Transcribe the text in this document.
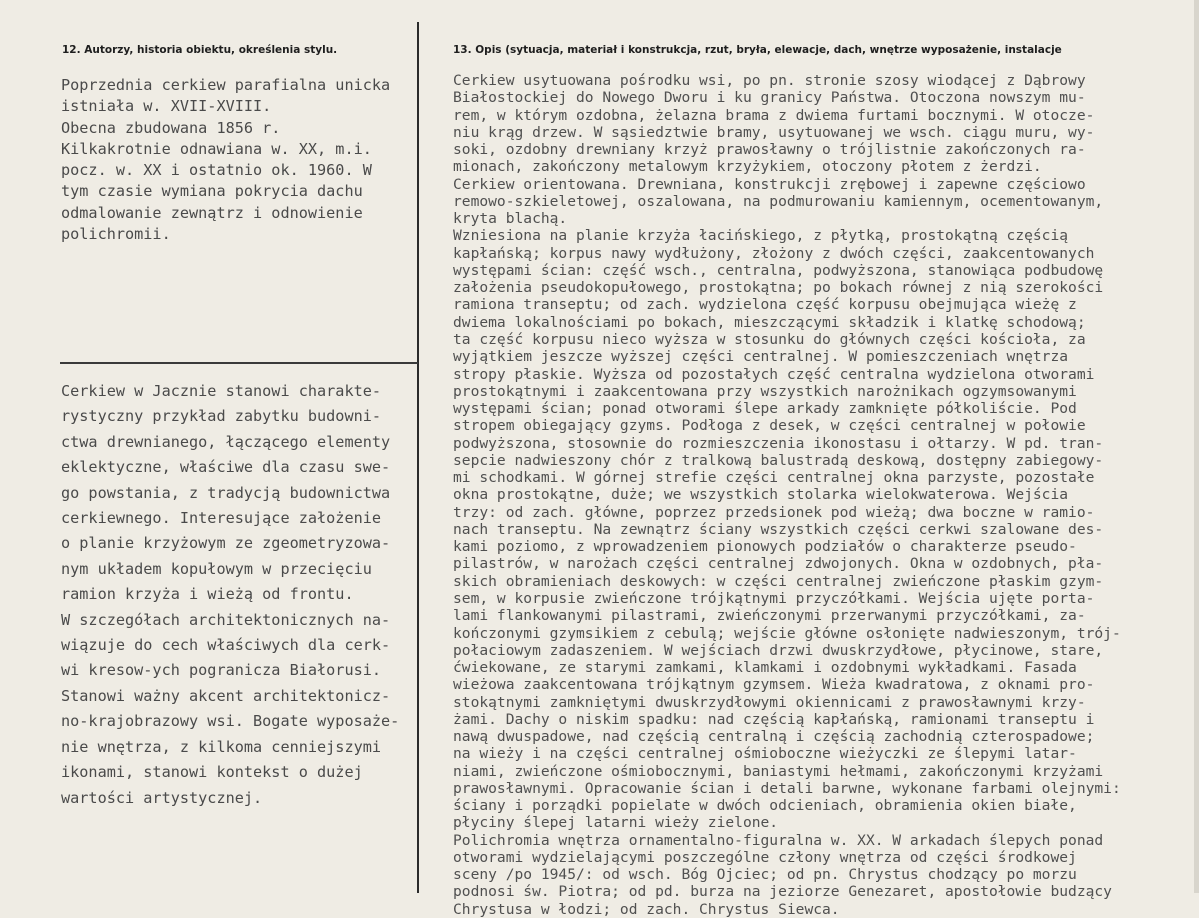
12. Autorzy, historia obiektu, określenia stylu.	13. Opis (sytuacja, materiał i konstrukcja, rzut, bryła, elewacje, dach, wnętrze wyposażenie, instalacje
Poprzednia cerkiew parafialna unicka
istniała w. XVII-XVIII.
Obecna zbudowana 1856 r.
Kilkakrotnie odnawiana w. XX, m.i.
pocz. w. XX i ostatnio ok. 1960. W
tym czasie wymiana pokrycia dachu
odmalowanie zewnątrz i odnowienie
polichromii.
Cerkiew w Jacznie stanowi charakte-
rystyczny przykład zabytku budowni-
ctwa drewnianego, łączącego elementy
eklektyczne, właściwe dla czasu swe-
go powstania, z tradycją budownictwa
cerkiewnego. Interesujące założenie
o planie krzyżowym ze zgeometryzowa-
nym układem kopułowym w przecięciu
ramion krzyża i wieżą od frontu.
W szczegółach architektonicznych na-
wiązuje do cech właściwych dla cerk-
wi kresow-ych pogranicza Białorusi.
Stanowi ważny akcent architektonicz-
no-krajobrazowy wsi. Bogate wyposaże-
nie wnętrza, z kilkoma cenniejszymi
ikonami, stanowi kontekst o dużej
wartości artystycznej.
Cerkiew usytuowana pośrodku wsi, po pn. stronie szosy wiodącej z Dąbrowy
Białostockiej do Nowego Dworu i ku granicy Państwa. Otoczona nowszym mu-
rem, w którym ozdobna, żelazna brama z dwiema furtami bocznymi. W otocze-
niu krąg drzew. W sąsiedztwie bramy, usytuowanej we wsch. ciągu muru, wy-
soki, ozdobny drewniany krzyż prawosławny o trójlistnie zakończonych ra-
mionach, zakończony metalowym krzyżykiem, otoczony płotem z żerdzi.
Cerkiew orientowana. Drewniana, konstrukcji zrębowej i zapewne częściowo
remowo-szkieletowej, oszalowana, na podmurowaniu kamiennym, ocementowanym,
kryta blachą.
Wzniesiona na planie krzyża łacińskiego, z płytką, prostokątną częścią
kapłańską; korpus nawy wydłużony, złożony z dwóch części, zaakcentowanych
występami ścian: część wsch., centralna, podwyższona, stanowiąca podbudowę
założenia pseudokopułowego, prostokątna; po bokach równej z nią szerokości
ramiona transeptu; od zach. wydzielona część korpusu obejmująca wieżę z
dwiema lokalnościami po bokach, mieszczącymi składzik i klatkę schodową;
ta część korpusu nieco wyższa w stosunku do głównych części kościoła, za
wyjątkiem jeszcze wyższej części centralnej. W pomieszczeniach wnętrza
stropy płaskie. Wyższa od pozostałych część centralna wydzielona otworami
prostokątnymi i zaakcentowana przy wszystkich narożnikach ogzymsowanymi
występami ścian; ponad otworami ślepe arkady zamknięte półkoliście. Pod
stropem obiegający gzyms. Podłoga z desek, w części centralnej w połowie
podwyższona, stosownie do rozmieszczenia ikonostasu i ołtarzy. W pd. tran-
sepcie nadwieszony chór z tralkową balustradą deskową, dostępny zabiegowy-
mi schodkami. W górnej strefie części centralnej okna parzyste, pozostałe
okna prostokątne, duże; we wszystkich stolarka wielokwaterowa. Wejścia
trzy: od zach. główne, poprzez przedsionek pod wieżą; dwa boczne w ramio-
nach transeptu. Na zewnątrz ściany wszystkich części cerkwi szalowane des-
kami poziomo, z wprowadzeniem pionowych podziałów o charakterze pseudo-
pilastrów, w narożach części centralnej zdwojonych. Okna w ozdobnych, pła-
skich obramieniach deskowych: w części centralnej zwieńczone płaskim gzym-
sem, w korpusie zwieńczone trójkątnymi przyczółkami. Wejścia ujęte porta-
lami flankowanymi pilastrami, zwieńczonymi przerwanymi przyczółkami, za-
kończonymi gzymsikiem z cebulą; wejście główne osłonięte nadwieszonym, trój-
połaciowym zadaszeniem. W wejściach drzwi dwuskrzydłowe, płycinowe, stare,
ćwiekowane, ze starymi zamkami, klamkami i ozdobnymi wykładkami. Fasada
wieżowa zaakcentowana trójkątnym gzymsem. Wieża kwadratowa, z oknami pro-
stokątnymi zamkniętymi dwuskrzydłowymi okiennicami z prawosławnymi krzy-
żami. Dachy o niskim spadku: nad częścią kapłańską, ramionami transeptu i
nawą dwuspadowe, nad częścią centralną i częścią zachodnią czterospadowe;
na wieży i na części centralnej ośmioboczne wieżyczki ze ślepymi latar-
niami, zwieńczone ośmiobocznymi, baniastymi hełmami, zakończonymi krzyżami
prawosławnymi. Opracowanie ścian i detali barwne, wykonane farbami olejnymi:
ściany i porządki popielate w dwóch odcieniach, obramienia okien białe,
płyciny ślepej latarni wieży zielone.
Polichromia wnętrza ornamentalno-figuralna w. XX. W arkadach ślepych ponad
otworami wydzielającymi poszczególne człony wnętrza od części środkowej
sceny /po 1945/: od wsch. Bóg Ojciec; od pn. Chrystus chodzący po morzu
podnosi św. Piotra; od pd. burza na jeziorze Genezaret, apostołowie budzący
Chrystusa w łodzi; od zach. Chrystus Siewca.
